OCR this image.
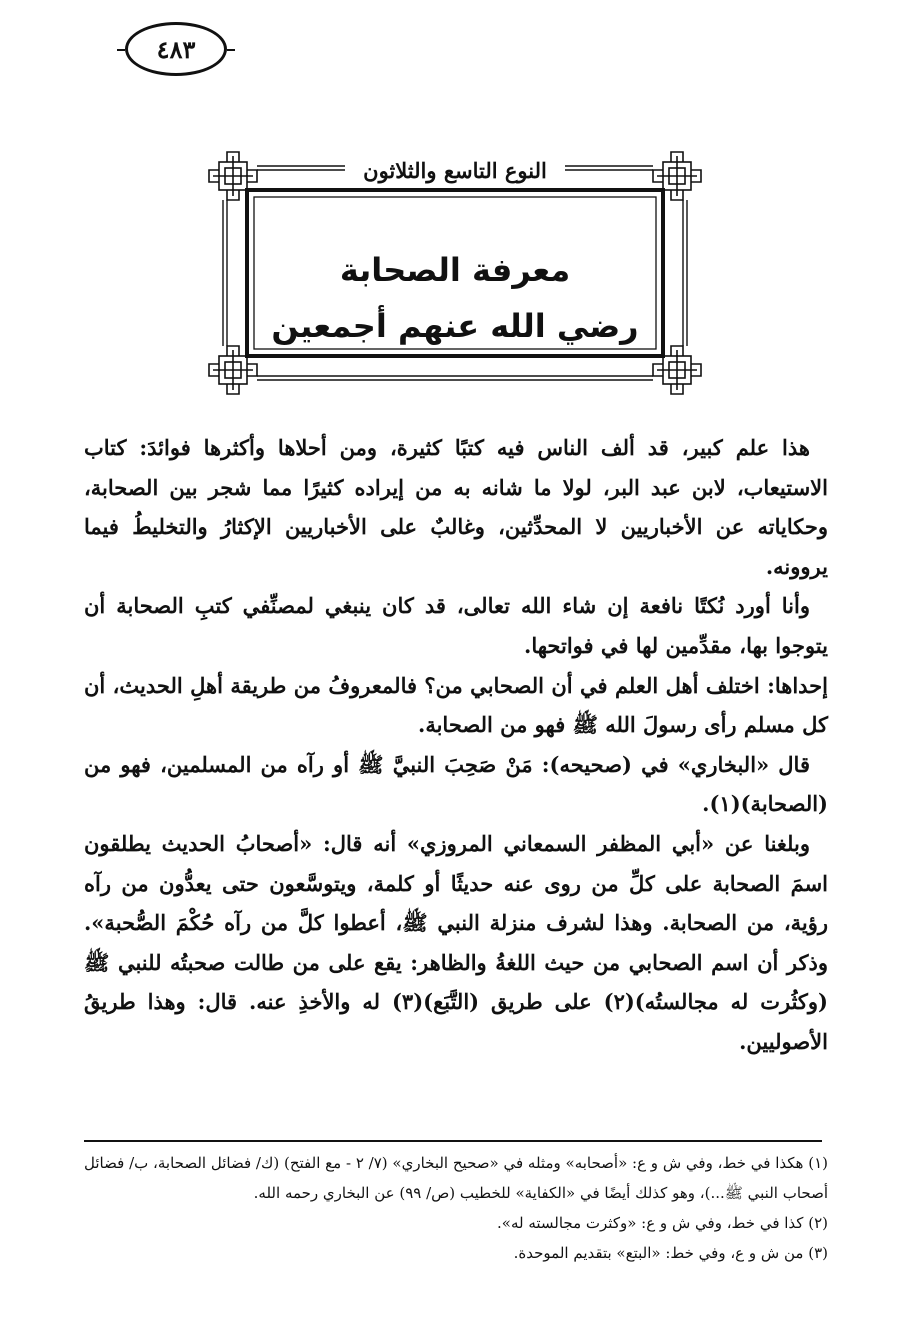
٤٨٣
النوع التاسع والثلاثون
معرفة الصحابة
رضي الله عنهم أجمعين

هذا علم كبير، قد ألف الناس فيه كتبًا كثيرة، ومن أحلاها وأكثرها فوائدَ: كتاب الاستيعاب، لابن عبد البر، لولا ما شانه به من إيراده كثيرًا مما شجر بين الصحابة، وحكاياته عن الأخباريين لا المحدِّثين، وغالبٌ على الأخباريين الإكثارُ والتخليطُ فيما يروونه.

وأنا أورد نُكتًا نافعة إن شاء الله تعالى، قد كان ينبغي لمصنِّفي كتبِ الصحابة أن يتوجوا بها، مقدِّمين لها في فواتحها.

إحداها: اختلف أهل العلم في أن الصحابي من؟ فالمعروفُ من طريقة أهلِ الحديث، أن كل مسلم رأى رسولَ الله ﷺ فهو من الصحابة.

قال «البخاري» في (صحيحه): مَنْ صَحِبَ النبيَّ ﷺ أو رآه من المسلمين، فهو من (الصحابة)(١).

وبلغنا عن «أبي المظفر السمعاني المروزي» أنه قال: «أصحابُ الحديث يطلقون اسمَ الصحابة على كلِّ من روى عنه حديثًا أو كلمة، ويتوسَّعون حتى يعدُّون من رآه رؤية، من الصحابة. وهذا لشرف منزلة النبي ﷺ، أعطوا كلَّ من رآه حُكْمَ الصُّحبة». وذكر أن اسم الصحابي من حيث اللغةُ والظاهر: يقع على من طالت صحبتُه للنبي ﷺ (وكثُرت له مجالستُه)(٢) على طريق (التَّبَع)(٣) له والأخذِ عنه. قال: وهذا طريقُ الأصوليين.

(١) هكذا في خط، وفي ش و ع: «أصحابه» ومثله في «صحيح البخاري» (٧/ ٢ - مع الفتح) (ك/ فضائل الصحابة، ب/ فضائل أصحاب النبي ﷺ...)، وهو كذلك أيضًا في «الكفاية» للخطيب (ص/ ٩٩) عن البخاري رحمه الله.

(٢) كذا في خط، وفي ش و ع: «وكثرت مجالسته له».

(٣) من ش و ع، وفي خط: «البتع» بتقديم الموحدة.
